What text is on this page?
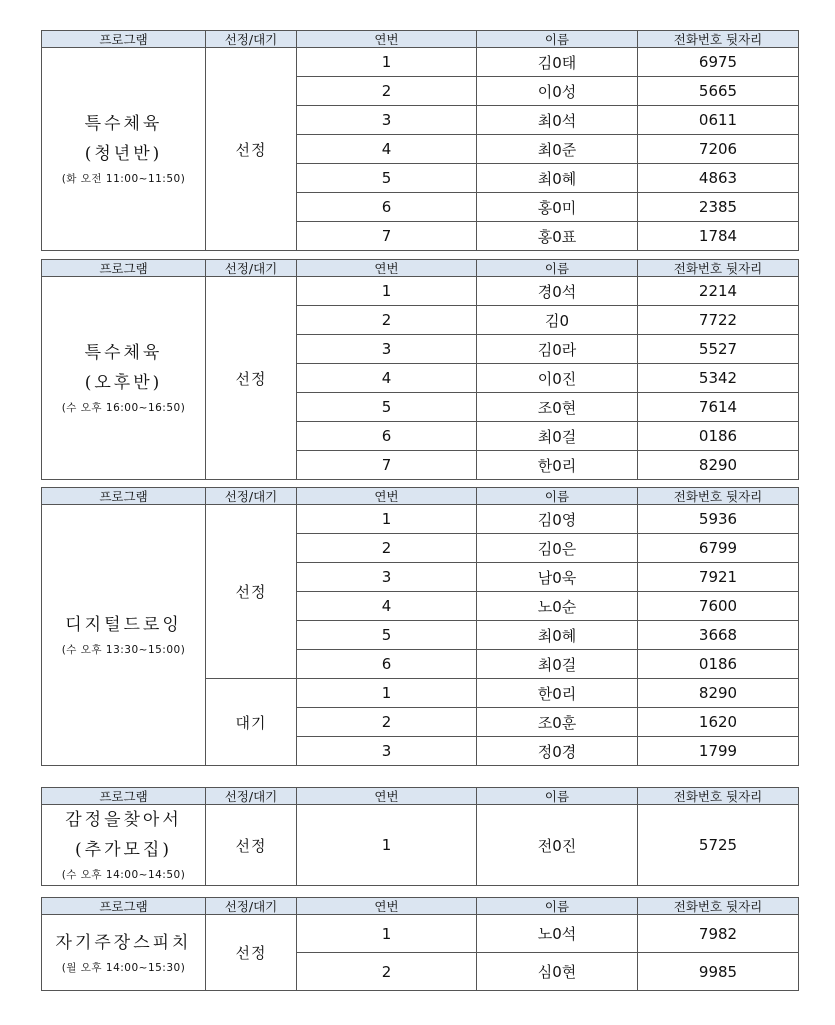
프로그램	선정/대기	연번	이름	전화번호 뒷자리

특수체육
(청년반)
(화 오전 11:00~11:50)	선정	1	김0태	6975
		2	이0성	5665
		3	최0석	0611
		4	최0준	7206
		5	최0혜	4863
		6	홍0미	2385
		7	홍0표	1784
프로그램	선정/대기	연번	이름	전화번호 뒷자리

특수체육
(오후반)
(수 오후 16:00~16:50)	선정	1	경0석	2214
		2	김0	7722
		3	김0라	5527
		4	이0진	5342
		5	조0현	7614
		6	최0걸	0186
		7	한0리	8290
프로그램	선정/대기	연번	이름	전화번호 뒷자리

디지털드로잉
(수 오후 13:30~15:00)	선정	1	김0영	5936
		2	김0은	6799
		3	남0욱	7921
		4	노0순	7600
		5	최0혜	3668
		6	최0걸	0186
	대기	1	한0리	8290
		2	조0훈	1620
		3	정0경	1799
프로그램	선정/대기	연번	이름	전화번호 뒷자리

감정을찾아서
(추가모집)
(수 오후 14:00~14:50)	선정	1	전0진	5725
프로그램	선정/대기	연번	이름	전화번호 뒷자리

자기주장스피치
(월 오후 14:00~15:30)	선정	1	노0석	7982
		2	심0현	9985
